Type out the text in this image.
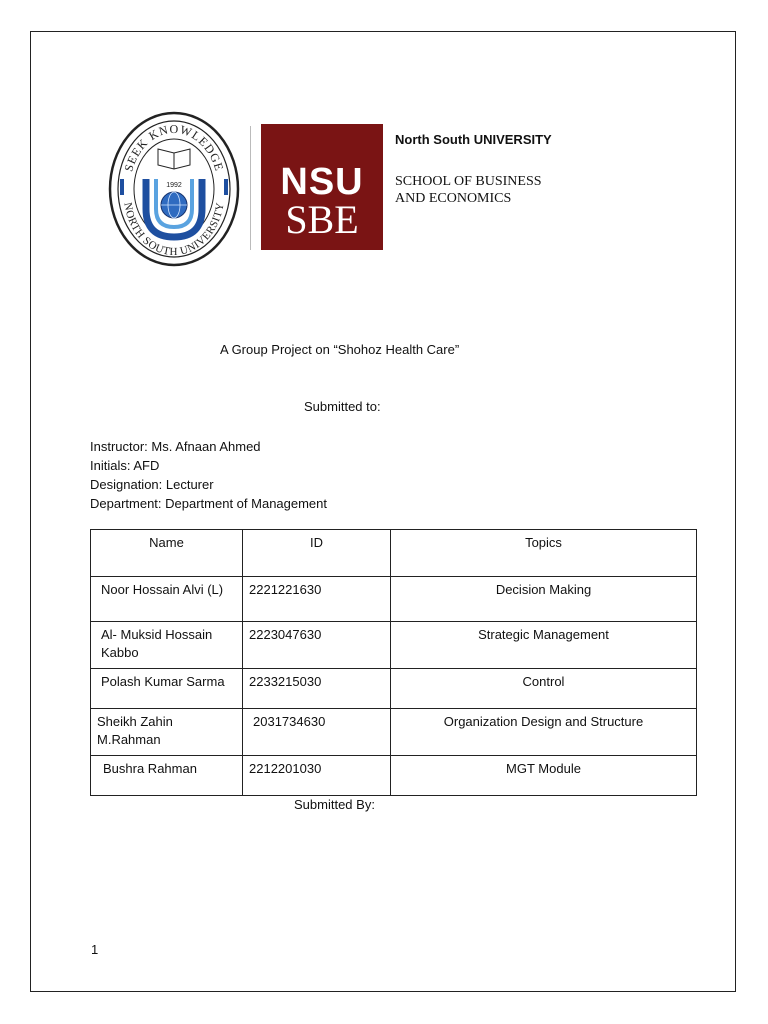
SEEK KNOWLEDGE
NORTH SOUTH UNIVERSITY
1992	NSU
SBE
North South UNIVERSITY
SCHOOL OF BUSINESS
AND ECONOMICS
A Group Project on “Shohoz Health Care”
Submitted to:
Instructor: Ms. Afnaan Ahmed
Initials: AFD
Designation: Lecturer
Department: Department of Management
Name	ID	Topics
Noor Hossain Alvi (L)	2221221630	Decision Making
Al- Muksid Hossain Kabbo	2223047630	Strategic Management
Polash Kumar Sarma	2233215030	Control
Sheikh Zahin M.Rahman	2031734630	Organization Design and Structure
Bushra Rahman	2212201030	MGT Module
Submitted By:
1
